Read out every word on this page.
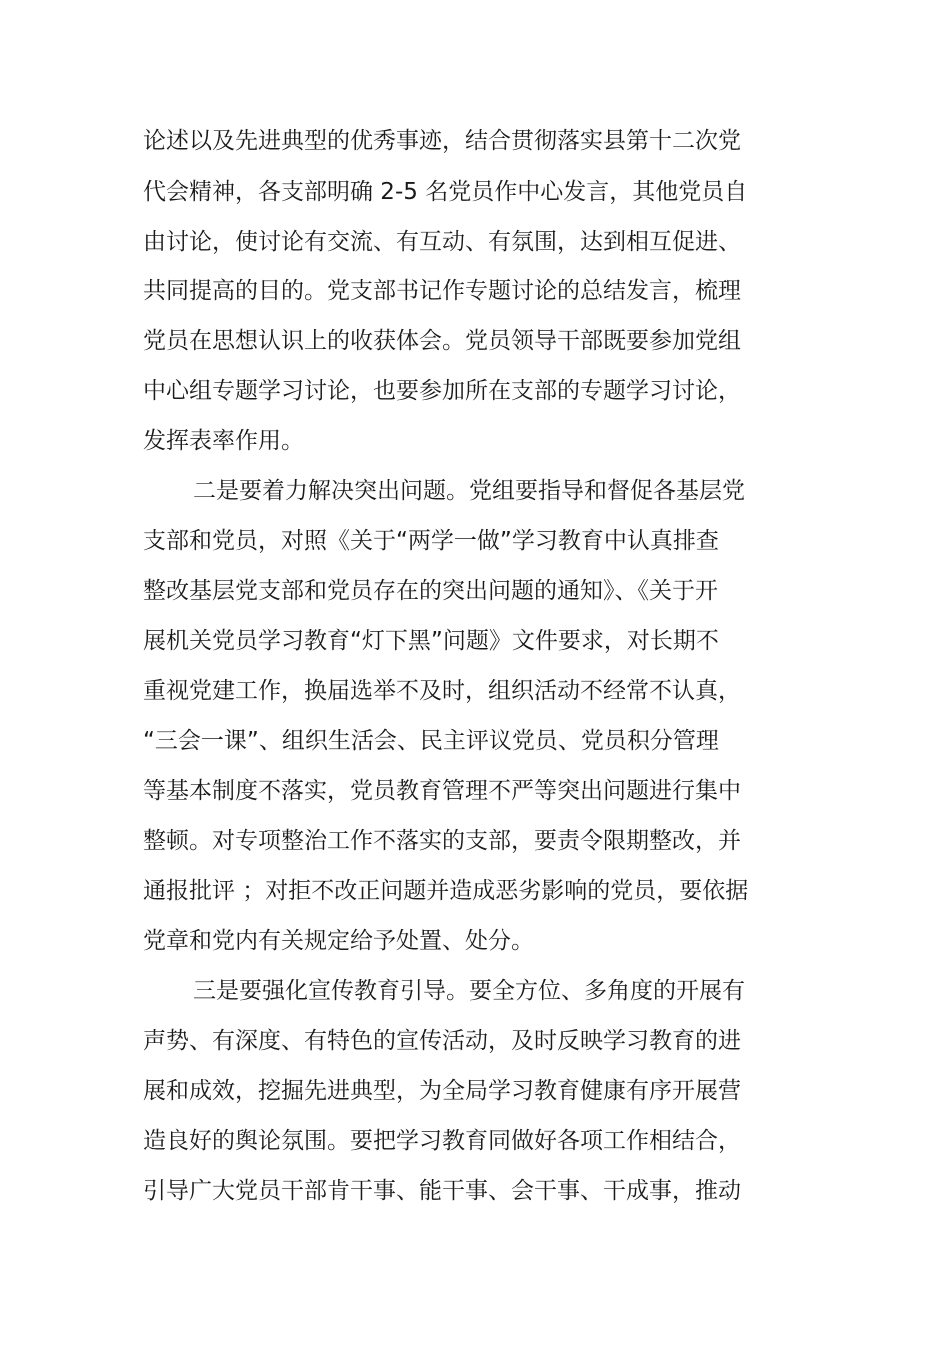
论述以及先进典型的优秀事迹，结合贯彻落实县第十二次党
代会精神，各支部明确 2-5 名党员作中心发言，其他党员自
由讨论，使讨论有交流、有互动、有氛围，达到相互促进、
共同提高的目的。党支部书记作专题讨论的总结发言，梳理
党员在思想认识上的收获体会。党员领导干部既要参加党组
中心组专题学习讨论，也要参加所在支部的专题学习讨论，
发挥表率作用。
二是要着力解决突出问题。党组要指导和督促各基层党
支部和党员，对照《关于“两学一做”学习教育中认真排查
整改基层党支部和党员存在的突出问题的通知》、《关于开
展机关党员学习教育“灯下黑”问题》文件要求，对长期不
重视党建工作，换届选举不及时，组织活动不经常不认真，
“三会一课”、组织生活会、民主评议党员、党员积分管理
等基本制度不落实，党员教育管理不严等突出问题进行集中
整顿。对专项整治工作不落实的支部，要责令限期整改，并
通报批评 ；对拒不改正问题并造成恶劣影响的党员，要依据
党章和党内有关规定给予处置、处分。
三是要强化宣传教育引导。要全方位、多角度的开展有
声势、有深度、有特色的宣传活动，及时反映学习教育的进
展和成效，挖掘先进典型，为全局学习教育健康有序开展营
造良好的舆论氛围。要把学习教育同做好各项工作相结合，
引导广大党员干部肯干事、能干事、会干事、干成事，推动
